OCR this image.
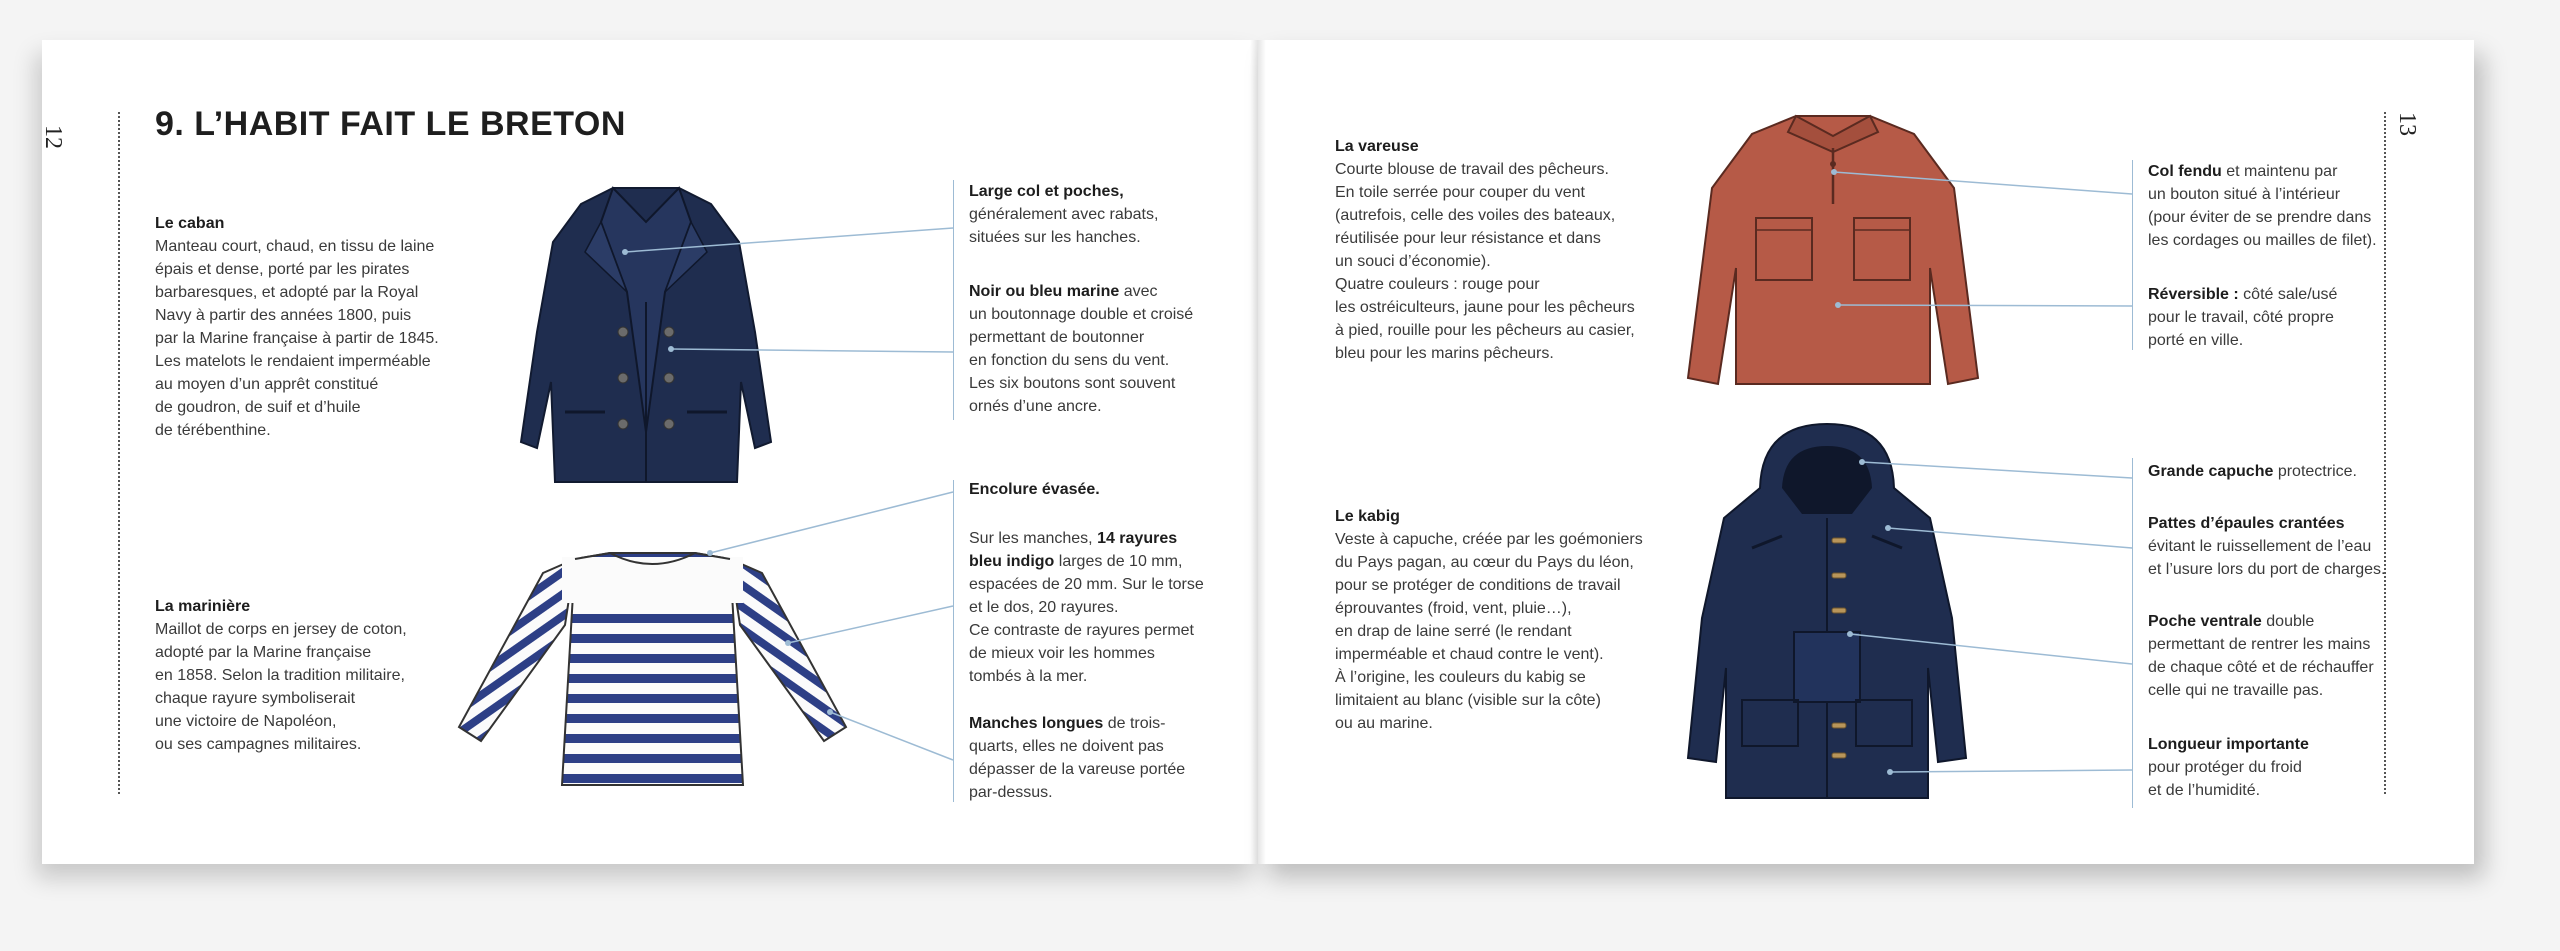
12
13
9. L’HABIT FAIT LE BRETON
Le caban
Manteau court, chaud, en tissu de laine
épais et dense, porté par les pirates
barbaresques, et adopté par la Royal
Navy à partir des années 1800, puis
par la Marine française à partir de 1845.
Les matelots le rendaient imperméable
au moyen d’un apprêt constitué
de goudron, de suif et d’huile
de térébenthine.
La marinière
Maillot de corps en jersey de coton,
adopté par la Marine française
en 1858. Selon la tradition militaire,
chaque rayure symboliserait
une victoire de Napoléon,
ou ses campagnes militaires.
Large col et poches,
généralement avec rabats,
situées sur les hanches.
Noir ou bleu marine avec
un boutonnage double et croisé
permettant de boutonner
en fonction du sens du vent.
Les six boutons sont souvent
ornés d’une ancre.
Encolure évasée.
Sur les manches, 14 rayures
bleu indigo larges de 10 mm,
espacées de 20 mm. Sur le torse
et le dos, 20 rayures.
Ce contraste de rayures permet
de mieux voir les hommes
tombés à la mer.
Manches longues de trois-
quarts, elles ne doivent pas
dépasser de la vareuse portée
par-dessus.
La vareuse
Courte blouse de travail des pêcheurs.
En toile serrée pour couper du vent
(autrefois, celle des voiles des bateaux,
réutilisée pour leur résistance et dans
un souci d’économie).
Quatre couleurs : rouge pour
les ostréiculteurs, jaune pour les pêcheurs
à pied, rouille pour les pêcheurs au casier,
bleu pour les marins pêcheurs.
Le kabig
Veste à capuche, créée par les goémoniers
du Pays pagan, au cœur du Pays du léon,
pour se protéger de conditions de travail
éprouvantes (froid, vent, pluie…),
en drap de laine serré (le rendant
imperméable et chaud contre le vent).
À l’origine, les couleurs du kabig se
limitaient au blanc (visible sur la côte)
ou au marine.
Col fendu et maintenu par
un bouton situé à l’intérieur
(pour éviter de se prendre dans
les cordages ou mailles de filet).
Réversible : côté sale/usé
pour le travail, côté propre
porté en ville.
Grande capuche protectrice.
Pattes d’épaules crantées
évitant le ruissellement de l’eau
et l’usure lors du port de charges.
Poche ventrale double
permettant de rentrer les mains
de chaque côté et de réchauffer
celle qui ne travaille pas.
Longueur importante
pour protéger du froid
et de l’humidité.
